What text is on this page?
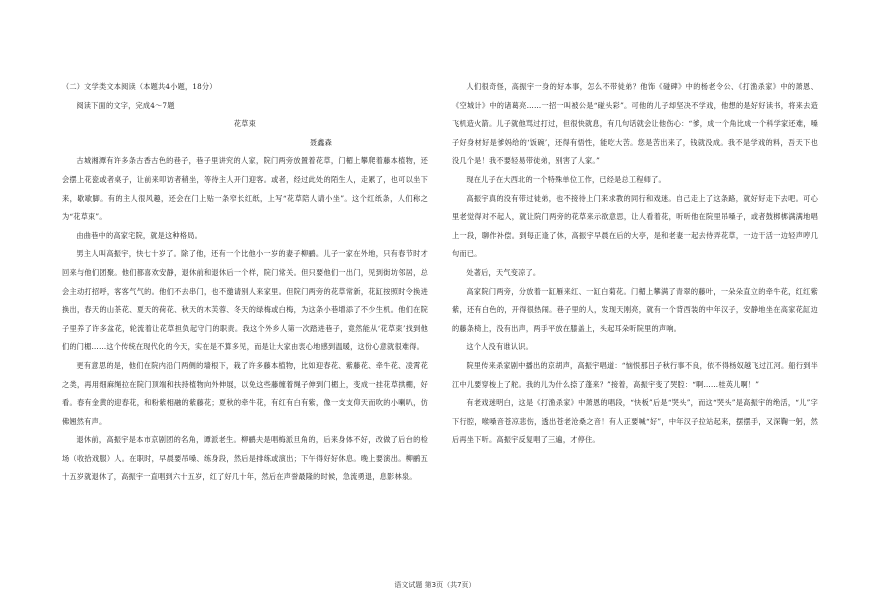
（二）文学类文本阅读（本题共4小题，18分）

阅读下面的文字，完成4～7题

花草束

聂鑫森

古城湘潭有许多条古香古色的巷子，巷子里讲究的人家，院门两旁放置着花草，门楣上攀爬着藤本植物，还会摆上花瓷或者桌子，让前来叩访者稍坐，等待主人开门迎客。或者，经过此处的陌生人，走累了，也可以坐下来，歇歇脚。有的主人很风趣，还会在门上贴一条窄长红纸，上写“花草陪人请小坐”。这个红纸条，人们称之为“花草束”。

由曲巷中的高家宅院，就是这种格局。

男主人叫高振宇，快七十岁了。除了他，还有一个比他小一岁的妻子柳鹂。儿子一家在外地，只有春节时才回来与他们团聚。他们都喜欢安静，退休前和退休后一个样，院门常关。但只要他们一出门，见到街坊邻居，总会主动打招呼，客客气气的。他们不去串门，也不邀请别人来家里。但院门两旁的花草常新，花缸按照时令换进换出，春天的山茶花、夏天的荷花、秋天的木芙蓉、冬天的绿梅或白梅，为这条小巷增添了不少生机。他们在院子里养了许多盆花，轮流着让花草担负起守门的职责。我这个外乡人第一次踏进巷子，竟然能从‘花草束’找到他们的门楣……这个传统在现代化的今天，实在是不算多见，而是让大家由衷心地感到温暖，这份心意就很难得。

更有意思的是，他们在院内沿门两侧的墙根下，栽了许多藤本植物，比如迎春花、紫藤花、牵牛花、凌霄花之类，再用细麻绳拉在院门顶端和扶持植物向外伸展，以免这些藤缠着绳子伸到门楣上，变成一挂花草拱棚，好看。春有金黄的迎春花，和粉紫相融的紫藤花；夏秋的牵牛花，有红有白有紫，像一支支仰天而吹的小喇叭，仿佛翘然有声。

退休前，高振宇是本市京剧团的名角，谭派老生。柳鹂夫是唱梅派旦角的，后来身体不好，改做了后台的检场（收拾戏服）人。在职时，早晨要吊嗓、练身段，然后是排练或演出；下午得好好休息。晚上要演出。柳鹂五十五岁就退休了，高振宇一直唱到六十五岁，红了好几十年，然后在声誉最隆的时候，急流勇退，息影林泉。

人们很奇怪，高振宇一身的好本事，怎么不带徒弟？他饰《碰碑》中的杨老令公、《打渔杀家》中的萧恩、《空城计》中的诸葛亮……一招一叫被公是“碰头彩”。可他的儿子却坚决不学戏，他想的是好好读书，将来去造飞机造火箭。儿子就他骂过打过，但很快就息，有几句话就会让他伤心：“爹，成一个角比成一个科学家还难，嗓子好身材好是爹妈给的‘饭碗’，还得有悟性，能吃大苦。您是苦出来了，钱就没成。我不是学戏的料，吾天下也没几个是！我不要轻易带徒弟，别害了人家。”

现在儿子在大西北的一个特殊单位工作，已经是总工程师了。

高振宇真的没有带过徒弟，也不接待上门来求教的同行和戏迷。自己走上了这条路，就好好走下去吧。可心里老觉得对不起人，就让院门两旁的花草来示欲意思，让人看着花，听听他在院里吊嗓子，或者鼓梆梆满满地唱上一段，聊作补偿。到每正逢了休，高振宇早晨在后的大亭，是和老妻一起去侍弄花草，一边干活一边轻声哼几句而已。

处著后，天气变凉了。

高家院门两旁，分放着一缸雁来红、一缸白菊花。门楣上攀满了青翠的藤叶，一朵朵直立的牵牛花，红红紫紫，还有白色的，开得很热闹。巷子里的人，发现天刚亮，就有一个背西装的中年汉子，安静地坐在高家花缸边的藤条椅上，没有出声，两手平放在膝盖上，头起耳朵听院里的声响。

这个人没有谁认识。

院里传来杀家剧中播出的京胡声，高振宇唱道：“恼恨那吕子秋行事不良，依不得杨奴越飞过江河。船行到半江中儿要穿梭上了舵。我的儿为什么捺了蓬来？”接着，高振宇变了哭腔：“啊……桂英儿啊！”

有老戏迷明白，这是《打渔杀家》中萧恩的唱段，“快板”后是“哭头”，而这“哭头”是高振宇的绝活，“儿”字下行腔，喉嗓音苍凉悲伤，透出苍老沧桑之音！有人正要喊“好”，中年汉子拉站起来，摆摆手，又深鞠一躬，然后再坐下听。高振宇反复唱了三遍，才停住。

语文试题 第3页（共7页）
